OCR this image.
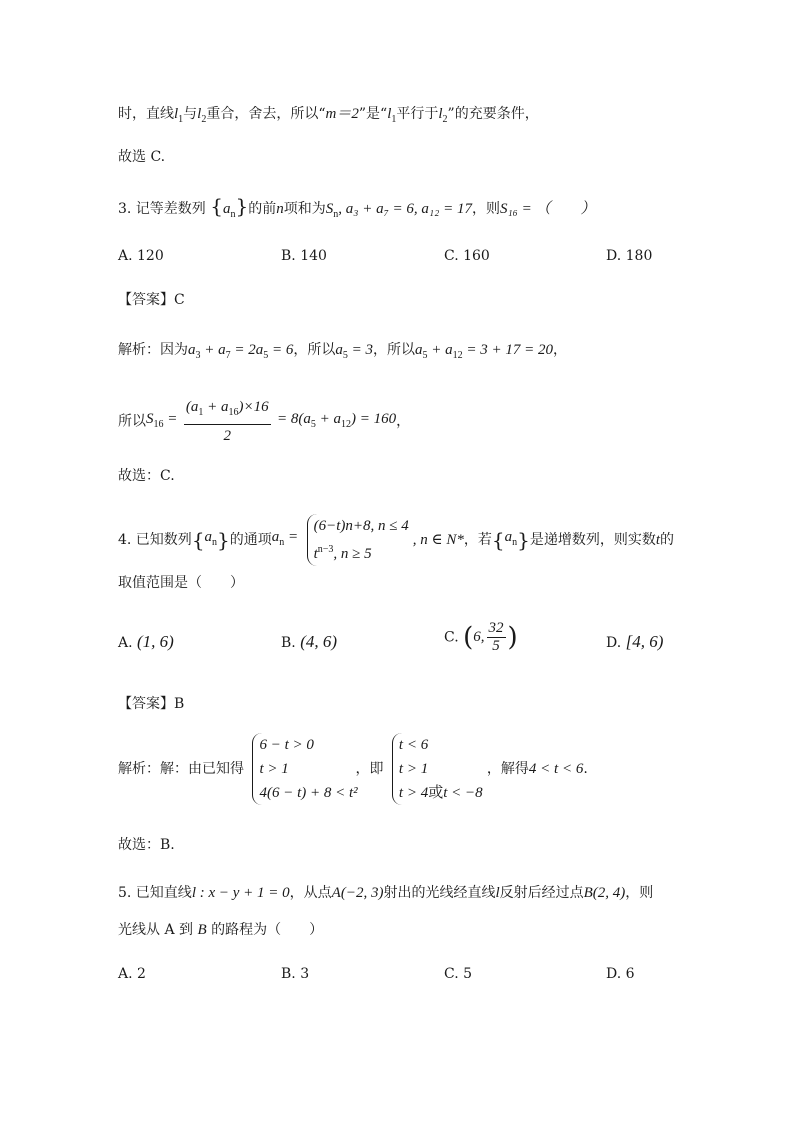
时，直线$l_1$与$l_2$重合，舍去，所以“m＝2”是“$l_1$平行于$l_2$”的充要条件，
故选 C.
3. 记等差数列 $\{a_n\}$的前n项和为$S_n$, a₃ + a₇ = 6, a₁₂ = 17，则S₁₆ = （　　）
A. 120	B. 140	C. 160	D. 180
【答案】C
解析：因为$a_3 + a_7 = 2a_5 = 6$，所以$a_5 = 3$，所以$a_5 + a_{12} = 3 + 17 = 20$，
所以$S_{16} = \frac{(a_1 + a_{16})\times 16}{2} = 8(a_5 + a_{12}) = 160$，
故选：C.
4. 已知数列$\{a_n\}$的通项$a_n$ =
(6−t)n+8, n ≤ 4
$t^{n-3}$, n ≥ 5
, n ∈ N*，若$\{a_n\}$是递增数列，则实数t的
取值范围是（　　）
A. (1, 6)	B. (4, 6)	C. (6, $\frac{32}{5}$ )	D. [4, 6)
【答案】B
解析：解：由已知得
6 − t > 0
t > 1
4(6 − t) + 8 < t²
，即
t < 6
t > 1
t > 4或t < −8
，解得4 < t < 6.
故选：B.
5. 已知直线l : x − y + 1 = 0，从点A(−2, 3)射出的光线经直线l反射后经过点B(2, 4)，则
光线从 A 到 B 的路程为（　　）
A. 2	B. 3	C. 5	D. 6
